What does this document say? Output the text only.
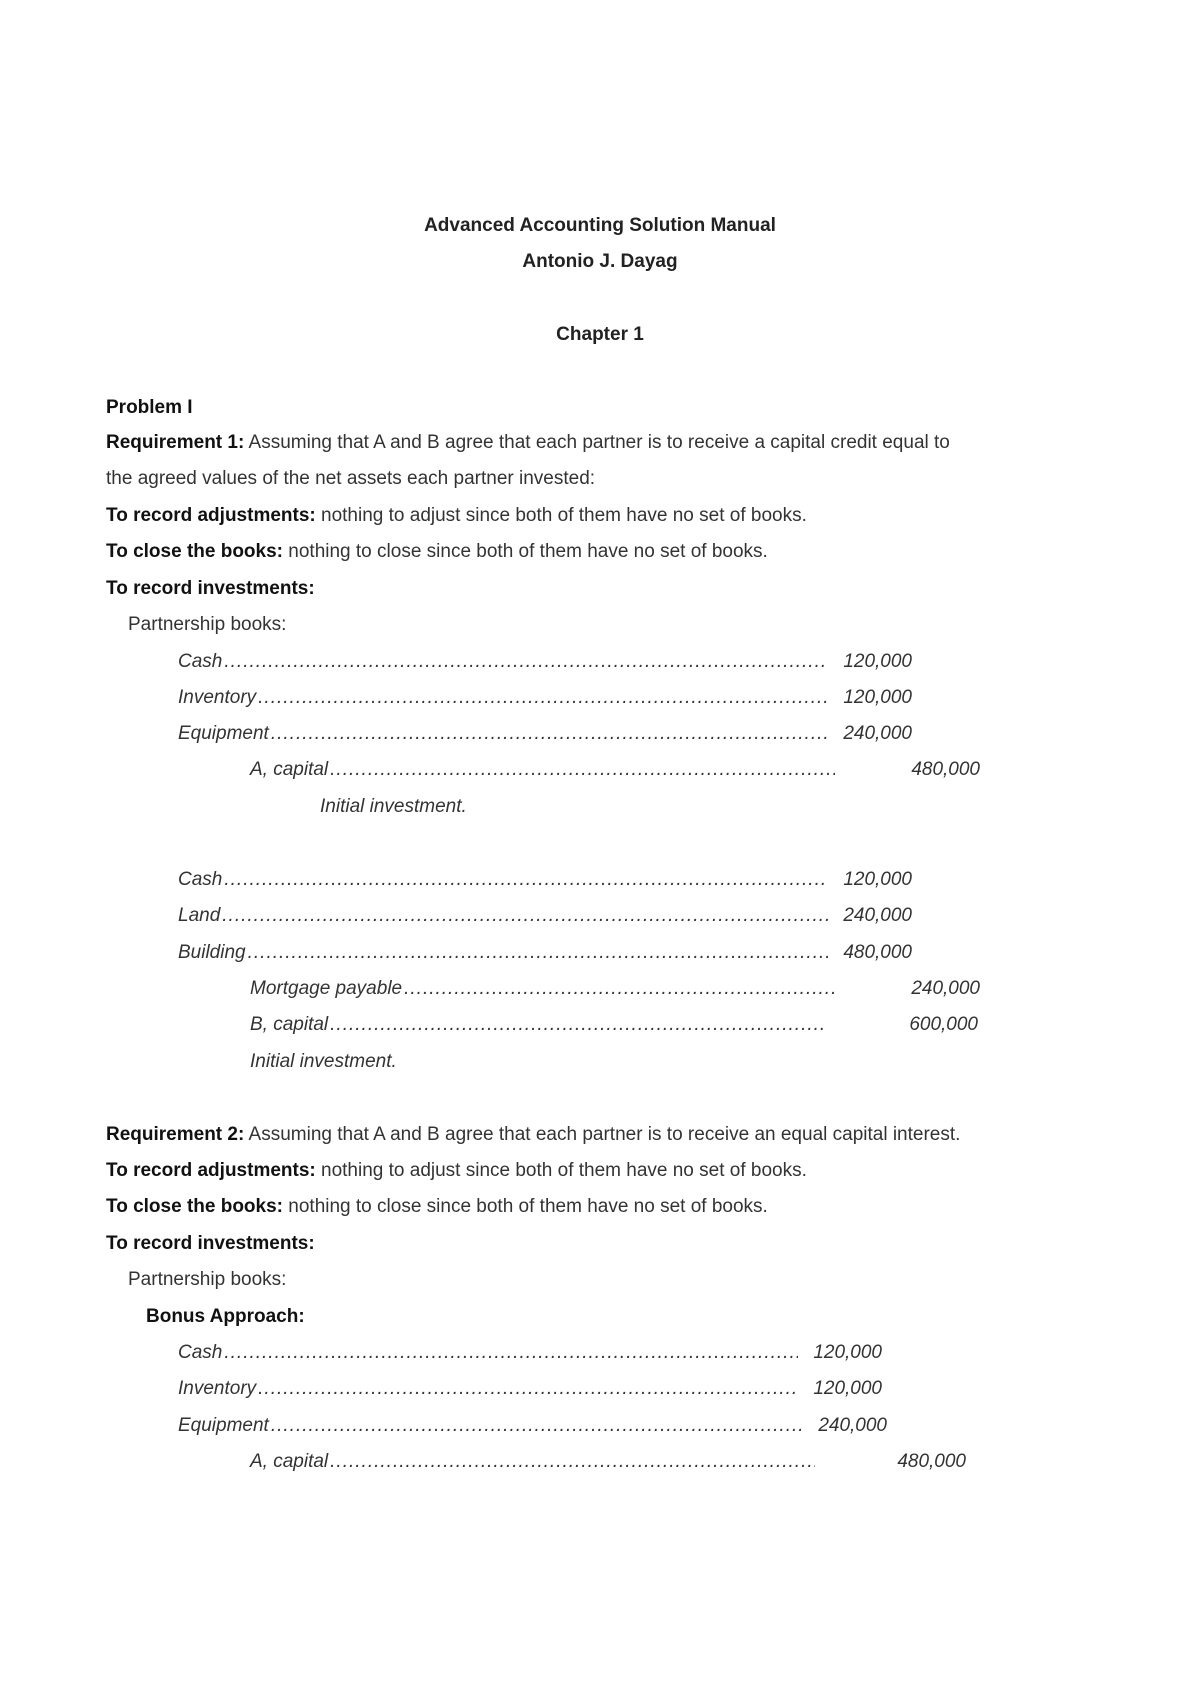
Advanced Accounting Solution Manual
Antonio J. Dayag
Chapter 1
Problem I
Requirement 1: Assuming that A and B agree that each partner is to receive a capital credit equal to
the agreed values of the net assets each partner invested:
To record adjustments: nothing to adjust since both of them have no set of books.
To close the books: nothing to close since both of them have no set of books.
To record investments:
Partnership books:
Cash .....	120,000
Inventory .....	120,000
Equipment .....	240,000
A, capital .....	480,000
Initial investment.
Cash .....	120,000
Land .....	240,000
Building .....	480,000
Mortgage payable .....	240,000
B, capital .....	600,000
Initial investment.
Requirement 2: Assuming that A and B agree that each partner is to receive an equal capital interest.
To record adjustments: nothing to adjust since both of them have no set of books.
To close the books: nothing to close since both of them have no set of books.
To record investments:
Partnership books:
Bonus Approach:
Cash .....	120,000
Inventory .....	120,000
Equipment .....	240,000
A, capital .....	480,000
